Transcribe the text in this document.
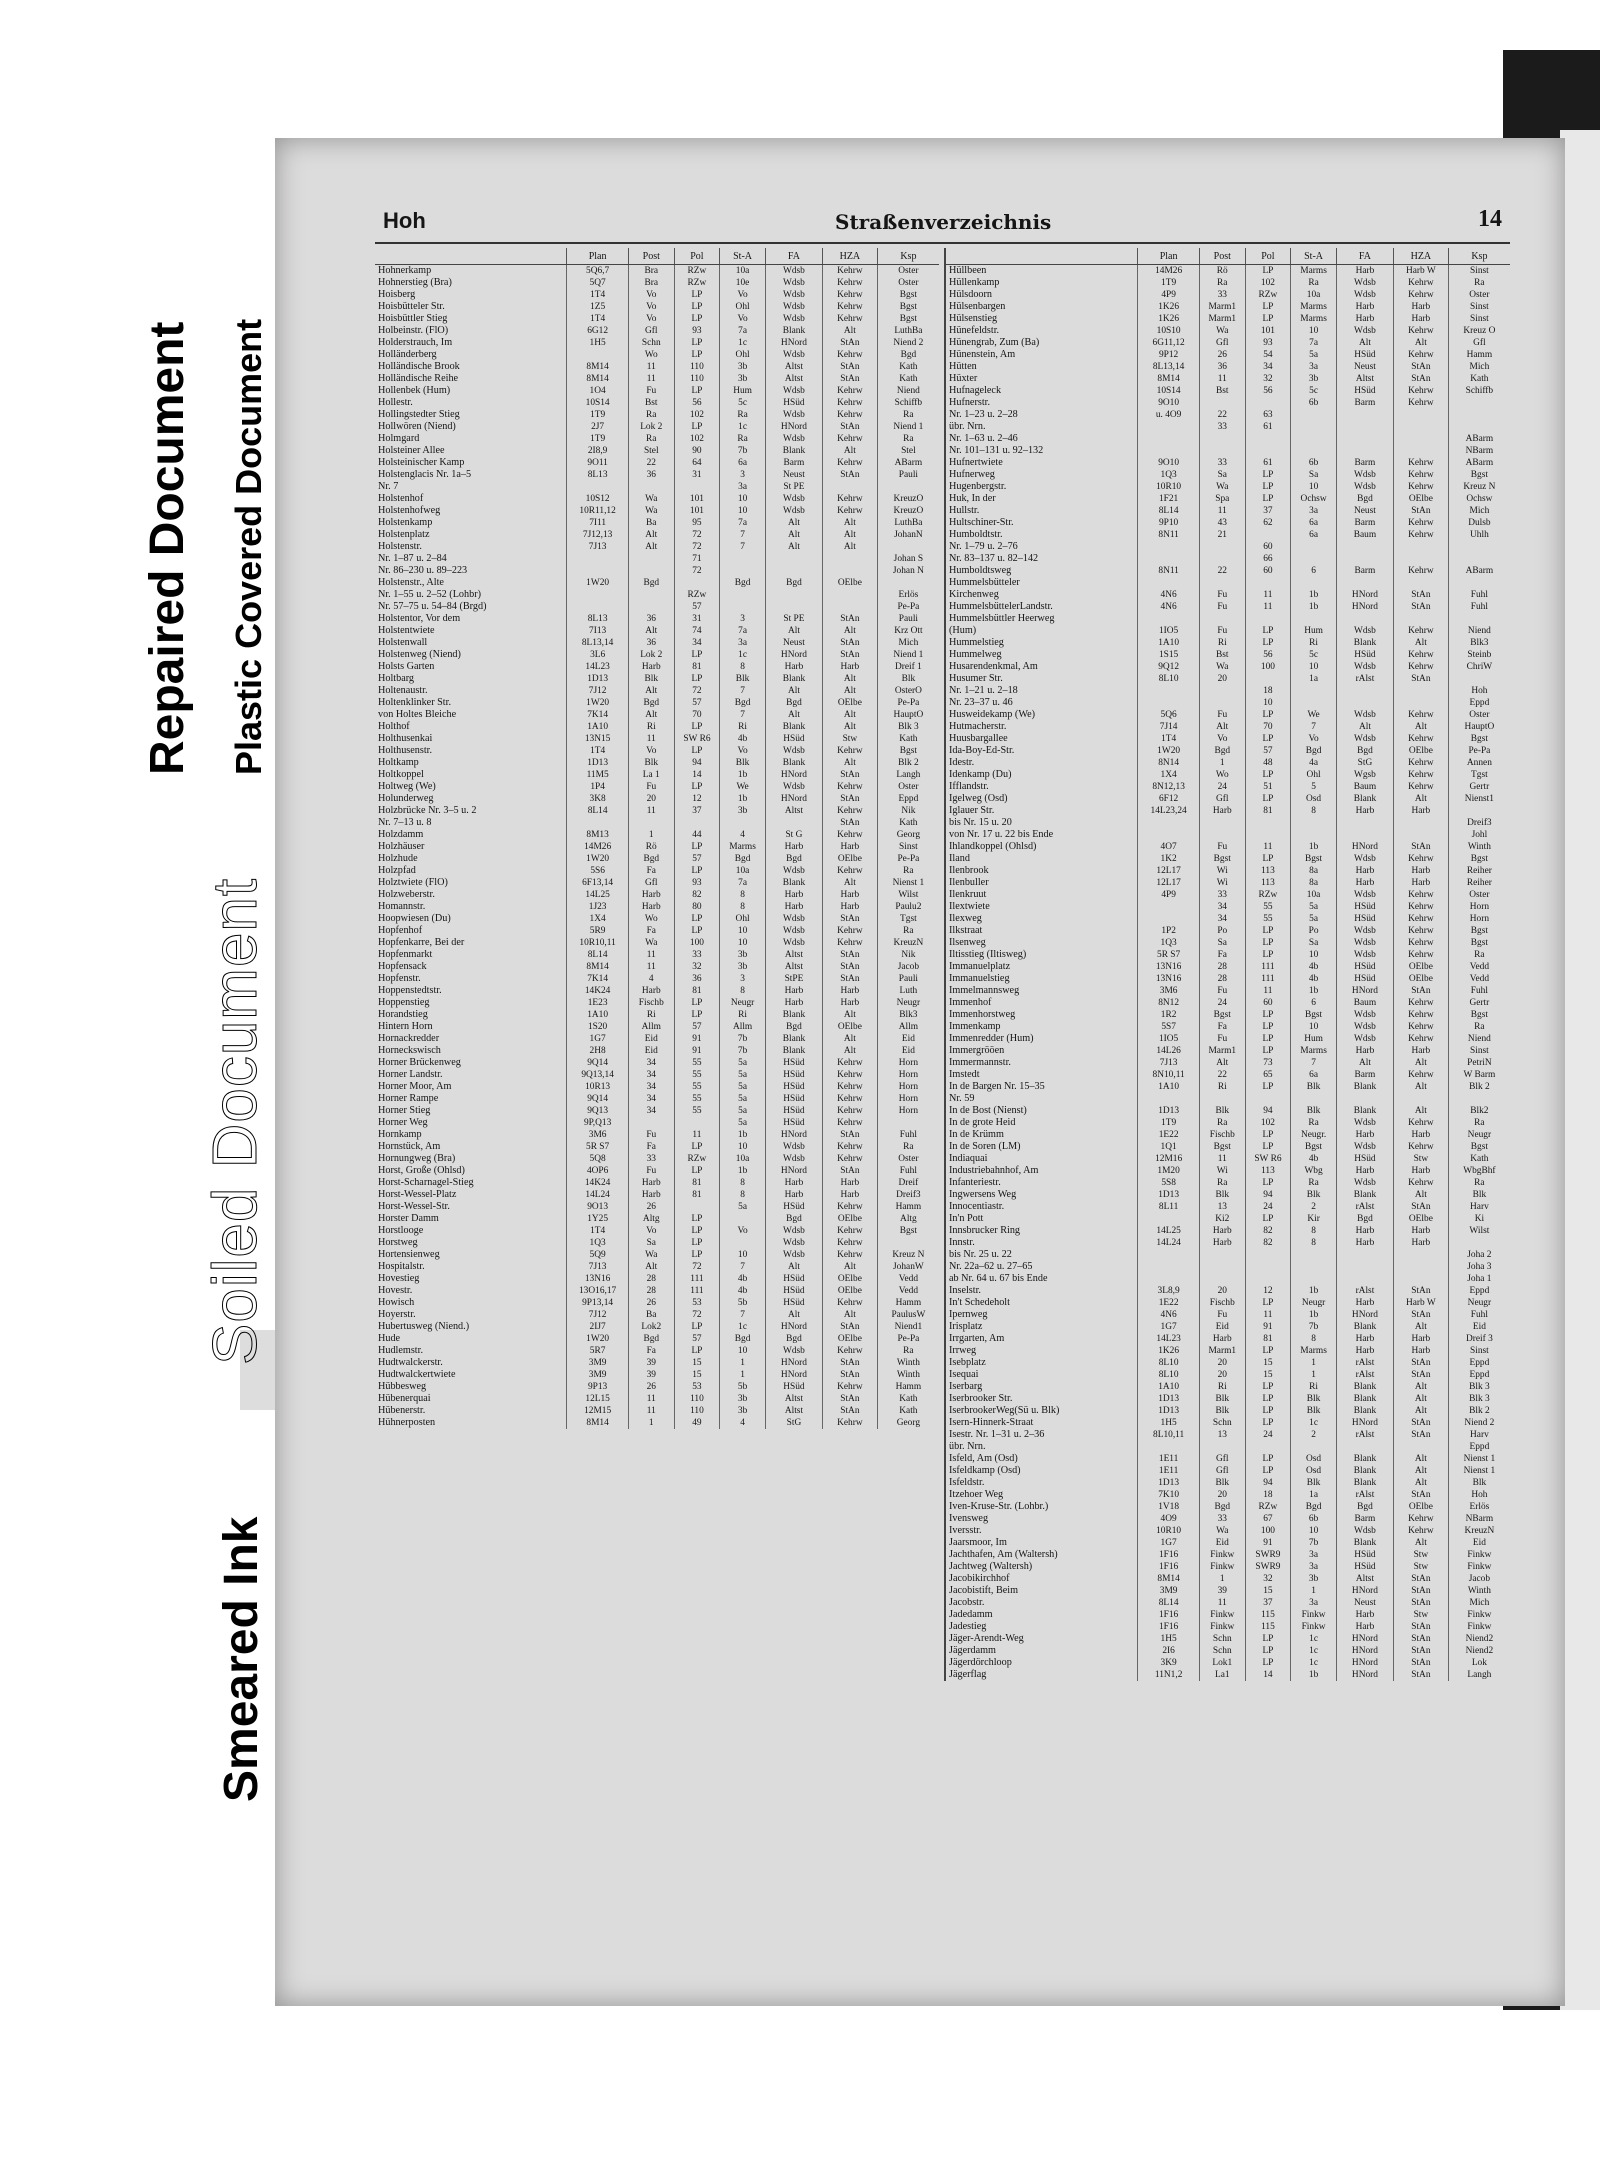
Repaired Document Plastic Covered Document
Soiled Document
Smeared Ink
Hoh	Straßenverzeichnis	14
	Plan	Post	Pol	St-A	FA	HZA	Ksp
Hohnerkamp	5Q6,7	Bra	RZw	10a	Wdsb	Kehrw	Oster
Hohnerstieg (Bra)	5Q7	Bra	RZw	10e	Wdsb	Kehrw	Oster
Hoisberg	1T4	Vo	LP	Vo	Wdsb	Kehrw	Bgst
Hoisbütteler Str.	1Z5	Vo	LP	Ohl	Wdsb	Kehrw	Bgst
Hoisbüttler Stieg	1T4	Vo	LP	Vo	Wdsb	Kehrw	Bgst
Holbeinstr. (FlO)	6G12	Gfl	93	7a	Blank	Alt	LuthBa
Holderstrauch, Im	1H5	Schn	LP	1c	HNord	StAn	Niend 2
Holländerberg		Wo	LP	Ohl	Wdsb	Kehrw	Bgd
Holländische Brook	8M14	11	110	3b	Altst	StAn	Kath
Holländische Reihe	8M14	11	110	3b	Altst	StAn	Kath
Hollenbek (Hum)	1O4	Fu	LP	Hum	Wdsb	Kehrw	Niend
Hollestr.	10S14	Bst	56	5c	HSüd	Kehrw	Schiffb
Hollingstedter Stieg	1T9	Ra	102	Ra	Wdsb	Kehrw	Ra
Hollwören (Niend)	2J7	Lok 2	LP	1c	HNord	StAn	Niend 1
Holmgard	1T9	Ra	102	Ra	Wdsb	Kehrw	Ra
Holsteiner Allee	2I8,9	Stel	90	7b	Blank	Alt	Stel
Holsteinischer Kamp	9O11	22	64	6a	Barm	Kehrw	ABarm
Holstenglacis Nr. 1a–5	8L13	36	31	3	Neust	StAn	Pauli
Nr. 7				3a	St PE		
Holstenhof	10S12	Wa	101	10	Wdsb	Kehrw	KreuzO
Holstenhofweg	10R11,12	Wa	101	10	Wdsb	Kehrw	KreuzO
Holstenkamp	7I11	Ba	95	7a	Alt	Alt	LuthBa
Holstenplatz	7J12,13	Alt	72	7	Alt	Alt	JohanN
Holstenstr.	7J13	Alt	72	7	Alt	Alt	
Nr. 1–87 u. 2–84			71				Johan S
Nr. 86–230 u. 89–223			72				Johan N
Holstenstr., Alte	1W20	Bgd		Bgd	Bgd	OElbe	
Nr. 1–55 u. 2–52 (Lohbr)			RZw				Erlös
Nr. 57–75 u. 54–84 (Brgd)			57				Pe-Pa
Holstentor, Vor dem	8L13	36	31	3	St PE	StAn	Pauli
Holstentwiete	7I13	Alt	74	7a	Alt	Alt	Krz Ott
Holstenwall	8L13,14	36	34	3a	Neust	StAn	Mich
Holstenweg (Niend)	3L6	Lok 2	LP	1c	HNord	StAn	Niend 1
Holsts Garten	14L23	Harb	81	8	Harb	Harb	Dreif 1
Holtbarg	1D13	Blk	LP	Blk	Blank	Alt	Blk
Holtenaustr.	7J12	Alt	72	7	Alt	Alt	OsterO
Holtenklinker Str.	1W20	Bgd	57	Bgd	Bgd	OElbe	Pe-Pa
von Holtes Bleiche	7K14	Alt	70	7	Alt	Alt	HauptO
Holthof	1A10	Ri	LP	Ri	Blank	Alt	Blk 3
Holthusenkai	13N15	11	SW R6	4b	HSüd	Stw	Kath
Holthusenstr.	1T4	Vo	LP	Vo	Wdsb	Kehrw	Bgst
Holtkamp	1D13	Blk	94	Blk	Blank	Alt	Blk 2
Holtkoppel	11M5	La 1	14	1b	HNord	StAn	Langh
Holtweg (We)	1P4	Fu	LP	We	Wdsb	Kehrw	Oster
Holunderweg	3K8	20	12	1b	HNord	StAn	Eppd
Holzbrücke Nr. 3–5 u. 2	8L14	11	37	3b	Altst	Kehrw	Nik
Nr. 7–13 u. 8						StAn	Kath
Holzdamm	8M13	1	44	4	St G	Kehrw	Georg
Holzhäuser	14M26	Rö	LP	Marms	Harb	Harb	Sinst
Holzhude	1W20	Bgd	57	Bgd	Bgd	OElbe	Pe-Pa
Holzpfad	5S6	Fa	LP	10a	Wdsb	Kehrw	Ra
Holztwiete (FlO)	6F13,14	Gfl	93	7a	Blank	Alt	Nienst 1
Holzweberstr.	14L25	Harb	82	8	Harb	Harb	Wilst
Homannstr.	1J23	Harb	80	8	Harb	Harb	Paulu2
Hoopwiesen (Du)	1X4	Wo	LP	Ohl	Wdsb	StAn	Tgst
Hopfenhof	5R9	Fa	LP	10	Wdsb	Kehrw	Ra
Hopfenkarre, Bei der	10R10,11	Wa	100	10	Wdsb	Kehrw	KreuzN
Hopfenmarkt	8L14	11	33	3b	Altst	StAn	Nik
Hopfensack	8M14	11	32	3b	Altst	StAn	Jacob
Hopfenstr.	7K14	4	36	3	StPE	StAn	Pauli
Hoppenstedtstr.	14K24	Harb	81	8	Harb	Harb	Luth
Hoppenstieg	1E23	Fischb	LP	Neugr	Harb	Harb	Neugr
Horandstieg	1A10	Ri	LP	Ri	Blank	Alt	Blk3
Hintern Horn	1S20	Allm	57	Allm	Bgd	OElbe	Allm
Hornackredder	1G7	Eid	91	7b	Blank	Alt	Eid
Horneckswisch	2H8	Eid	91	7b	Blank	Alt	Eid
Horner Brückenweg	9Q14	34	55	5a	HSüd	Kehrw	Horn
Horner Landstr.	9Q13,14	34	55	5a	HSüd	Kehrw	Horn
Horner Moor, Am	10R13	34	55	5a	HSüd	Kehrw	Horn
Horner Rampe	9Q14	34	55	5a	HSüd	Kehrw	Horn
Horner Stieg	9Q13	34	55	5a	HSüd	Kehrw	Horn
Horner Weg	9P,Q13			5a	HSüd	Kehrw	
Hornkamp	3M6	Fu	11	1b	HNord	StAn	Fuhl
Hornstück, Am	5R S7	Fa	LP	10	Wdsb	Kehrw	Ra
Hornungweg (Bra)	5Q8	33	RZw	10a	Wdsb	Kehrw	Oster
Horst, Große (Ohlsd)	4OP6	Fu	LP	1b	HNord	StAn	Fuhl
Horst-Scharnagel-Stieg	14K24	Harb	81	8	Harb	Harb	Dreif
Horst-Wessel-Platz	14L24	Harb	81	8	Harb	Harb	Dreif3
Horst-Wessel-Str.	9O13	26		5a	HSüd	Kehrw	Hamm
Horster Damm	1Y25	Altg	LP		Bgd	OElbe	Altg
Horstlooge	1T4	Vo	LP	Vo	Wdsb	Kehrw	Bgst
Horstweg	1Q3	Sa	LP		Wdsb	Kehrw	
Hortensienweg	5Q9	Wa	LP	10	Wdsb	Kehrw	Kreuz N
Hospitalstr.	7J13	Alt	72	7	Alt	Alt	JohanW
Hovestieg	13N16	28	111	4b	HSüd	OElbe	Vedd
Hovestr.	13O16,17	28	111	4b	HSüd	OElbe	Vedd
Howisch	9P13,14	26	53	5b	HSüd	Kehrw	Hamm
Hoyerstr.	7J12	Ba	72	7	Alt	Alt	PaulusW
Hubertusweg (Niend.)	2IJ7	Lok2	LP	1c	HNord	StAn	Niend1
Hude	1W20	Bgd	57	Bgd	Bgd	OElbe	Pe-Pa
Hudlemstr.	5R7	Fa	LP	10	Wdsb	Kehrw	Ra
Hudtwalckerstr.	3M9	39	15	1	HNord	StAn	Winth
Hudtwalckertwiete	3M9	39	15	1	HNord	StAn	Winth
Hübbesweg	9P13	26	53	5b	HSüd	Kehrw	Hamm
Hübenerquai	12L15	11	110	3b	Altst	StAn	Kath
Hübenerstr.	12M15	11	110	3b	Altst	StAn	Kath
Hühnerposten	8M14	1	49	4	StG	Kehrw	Georg
	Plan	Post	Pol	St-A	FA	HZA	Ksp
Hüllbeen	14M26	Rö	LP	Marms	Harb	Harb W	Sinst
Hüllenkamp	1T9	Ra	102	Ra	Wdsb	Kehrw	Ra
Hülsdoorn	4P9	33	RZw	10a	Wdsb	Kehrw	Oster
Hülsenbargen	1K26	Marm1	LP	Marms	Harb	Harb	Sinst
Hülsenstieg	1K26	Marm1	LP	Marms	Harb	Harb	Sinst
Hünefeldstr.	10S10	Wa	101	10	Wdsb	Kehrw	Kreuz O
Hünengrab, Zum (Ba)	6G11,12	Gfl	93	7a	Alt	Alt	Gfl
Hünenstein, Am	9P12	26	54	5a	HSüd	Kehrw	Hamm
Hütten	8L13,14	36	34	3a	Neust	StAn	Mich
Hüxter	8M14	11	32	3b	Altst	StAn	Kath
Hufnageleck	10S14	Bst	56	5c	HSüd	Kehrw	Schiffb
Hufnerstr.	9O10			6b	Barm	Kehrw	
Nr. 1–23 u. 2–28	u. 4O9	22	63				
übr. Nrn.		33	61				
Nr. 1–63 u. 2–46							ABarm
Nr. 101–131 u. 92–132							NBarm
Hufnertwiete	9O10	33	61	6b	Barm	Kehrw	ABarm
Hufnerweg	1Q3	Sa	LP	Sa	Wdsb	Kehrw	Bgst
Hugenbergstr.	10R10	Wa	LP	10	Wdsb	Kehrw	Kreuz N
Huk, In der	1F21	Spa	LP	Ochsw	Bgd	OElbe	Ochsw
Hullstr.	8L14	11	37	3a	Neust	StAn	Mich
Hultschiner-Str.	9P10	43	62	6a	Barm	Kehrw	Dulsb
Humboldtstr.	8N11	21		6a	Baum	Kehrw	Uhlh
Nr. 1–79 u. 2–76			60				
Nr. 83–137 u. 82–142			66				
Humboldtsweg	8N11	22	60	6	Barm	Kehrw	ABarm
Hummelsbütteler							
Kirchenweg	4N6	Fu	11	1b	HNord	StAn	Fuhl
HummelsbüttelerLandstr.	4N6	Fu	11	1b	HNord	StAn	Fuhl
Hummelsbüttler Heerweg							
(Hum)	1IO5	Fu	LP	Hum	Wdsb	Kehrw	Niend
Hummelstieg	1A10	Ri	LP	Ri	Blank	Alt	Blk3
Hummelweg	1S15	Bst	56	5c	HSüd	Kehrw	Steinb
Husarendenkmal, Am	9Q12	Wa	100	10	Wdsb	Kehrw	ChriW
Husumer Str.	8L10	20		1a	rAlst	StAn	
Nr. 1–21 u. 2–18			18				Hoh
Nr. 23–37 u. 46			10				Eppd
Husweidekamp (We)	5Q6	Fu	LP	We	Wdsb	Kehrw	Oster
Hutmacherstr.	7J14	Alt	70	7	Alt	Alt	HauptO
Huusbargallee	1T4	Vo	LP	Vo	Wdsb	Kehrw	Bgst
Ida-Boy-Ed-Str.	1W20	Bgd	57	Bgd	Bgd	OElbe	Pe-Pa
Idestr.	8N14	1	48	4a	StG	Kehrw	Annen
Idenkamp (Du)	1X4	Wo	LP	Ohl	Wgsb	Kehrw	Tgst
Ifflandstr.	8N12,13	24	51	5	Baum	Kehrw	Gertr
Igelweg (Osd)	6F12	Gfl	LP	Osd	Blank	Alt	Nienst1
Iglauer Str.	14L23,24	Harb	81	8	Harb	Harb	
bis Nr. 15 u. 20							Dreif3
von Nr. 17 u. 22 bis Ende							Johl
Ihlandkoppel (Ohlsd)	4O7	Fu	11	1b	HNord	StAn	Winth
Iland	1K2	Bgst	LP	Bgst	Wdsb	Kehrw	Bgst
Ilenbrook	12L17	Wi	113	8a	Harb	Harb	Reiher
Ilenbuller	12L17	Wi	113	8a	Harb	Harb	Reiher
Ilenkruut	4P9	33	RZw	10a	Wdsb	Kehrw	Oster
Ilextwiete		34	55	5a	HSüd	Kehrw	Horn
Ilexweg		34	55	5a	HSüd	Kehrw	Horn
Ilkstraat	1P2	Po	LP	Po	Wdsb	Kehrw	Bgst
Ilsenweg	1Q3	Sa	LP	Sa	Wdsb	Kehrw	Bgst
Iltisstieg (Iltisweg)	5R S7	Fa	LP	10	Wdsb	Kehrw	Ra
Immanuelplatz	13N16	28	111	4b	HSüd	OElbe	Vedd
Immanuelstieg	13N16	28	111	4b	HSüd	OElbe	Vedd
Immelmannsweg	3M6	Fu	11	1b	HNord	StAn	Fuhl
Immenhof	8N12	24	60	6	Baum	Kehrw	Gertr
Immenhorstweg	1R2	Bgst	LP	Bgst	Wdsb	Kehrw	Bgst
Immenkamp	5S7	Fa	LP	10	Wdsb	Kehrw	Ra
Immenredder (Hum)	1IO5	Fu	LP	Hum	Wdsb	Kehrw	Niend
Immergrööen	14L26	Marm1	LP	Marms	Harb	Harb	Sinst
Immermannstr.	7J13	Alt	73	7	Alt	Alt	PetriN
Imstedt	8N10,11	22	65	6a	Barm	Kehrw	W Barm
In de Bargen Nr. 15–35	1A10	Ri	LP	Blk	Blank	Alt	Blk 2
Nr. 59							
In de Bost (Nienst)	1D13	Blk	94	Blk	Blank	Alt	Blk2
In de grote Heid	1T9	Ra	102	Ra	Wdsb	Kehrw	Ra
In de Krümm	1E22	Fischb	LP	Neugr.	Harb	Harb	Neugr
In de Soren (LM)	1Q1	Bgst	LP	Bgst	Wdsb	Kehrw	Bgst
Indiaquai	12M16	11	SW R6	4b	HSüd	Stw	Kath
Industriebahnhof, Am	1M20	Wi	113	Wbg	Harb	Harb	WbgBhf
Infanteriestr.	5S8	Ra	LP	Ra	Wdsb	Kehrw	Ra
Ingwersens Weg	1D13	Blk	94	Blk	Blank	Alt	Blk
Innocentiastr.	8L11	13	24	2	rAlst	StAn	Harv
In'n Pott		Ki2	LP	Kir	Bgd	OElbe	Ki
Innsbrucker Ring	14L25	Harb	82	8	Harb	Harb	Wilst
Innstr.	14L24	Harb	82	8	Harb	Harb	
bis Nr. 25 u. 22							Joha 2
Nr. 22a–62 u. 27–65							Joha 3
ab Nr. 64 u. 67 bis Ende							Joha 1
Inselstr.	3L8,9	20	12	1b	rAlst	StAn	Eppd
In't Schedeholt	1E22	Fischb	LP	Neugr	Harb	Harb W	Neugr
Ipernweg	4N6	Fu	11	1b	HNord	StAn	Fuhl
Irisplatz	1G7	Eid	91	7b	Blank	Alt	Eid
Irrgarten, Am	14L23	Harb	81	8	Harb	Harb	Dreif 3
Irrweg	1K26	Marm1	LP	Marms	Harb	Harb	Sinst
Isebplatz	8L10	20	15	1	rAlst	StAn	Eppd
Isequai	8L10	20	15	1	rAlst	StAn	Eppd
Iserbarg	1A10	Ri	LP	Ri	Blank	Alt	Blk 3
Iserbrooker Str.	1D13	Blk	LP	Blk	Blank	Alt	Blk 3
IserbrookerWeg(Sü u. Blk)	1D13	Blk	LP	Blk	Blank	Alt	Blk 2
Isern-Hinnerk-Straat	1H5	Schn	LP	1c	HNord	StAn	Niend 2
Isestr. Nr. 1–31 u. 2–36	8L10,11	13	24	2	rAlst	StAn	Harv
übr. Nrn.							Eppd
Isfeld, Am (Osd)	1E11	Gfl	LP	Osd	Blank	Alt	Nienst 1
Isfeldkamp (Osd)	1E11	Gfl	LP	Osd	Blank	Alt	Nienst 1
Isfeldstr.	1D13	Blk	94	Blk	Blank	Alt	Blk
Itzehoer Weg	7K10	20	18	1a	rAlst	StAn	Hoh
Iven-Kruse-Str. (Lohbr.)	1V18	Bgd	RZw	Bgd	Bgd	OElbe	Erlös
Ivensweg	4O9	33	67	6b	Barm	Kehrw	NBarm
Iversstr.	10R10	Wa	100	10	Wdsb	Kehrw	KreuzN
Jaarsmoor, Im	1G7	Eid	91	7b	Blank	Alt	Eid
Jachthafen, Am (Waltersh)	1F16	Finkw	SWR9	3a	HSüd	Stw	Finkw
Jachtweg (Waltersh)	1F16	Finkw	SWR9	3a	HSüd	Stw	Finkw
Jacobikirchhof	8M14	1	32	3b	Altst	StAn	Jacob
Jacobistift, Beim	3M9	39	15	1	HNord	StAn	Winth
Jacobstr.	8L14	11	37	3a	Neust	StAn	Mich
Jadedamm	1F16	Finkw	115	Finkw	Harb	Stw	Finkw
Jadestieg	1F16	Finkw	115	Finkw	Harb	StAn	Finkw
Jäger-Arendt-Weg	1H5	Schn	LP	1c	HNord	StAn	Niend2
Jägerdamm	2I6	Schn	LP	1c	HNord	StAn	Niend2
Jägerdörchloop	3K9	Lok1	LP	1c	HNord	StAn	Lok
Jägerflag	11N1,2	La1	14	1b	HNord	StAn	Langh
